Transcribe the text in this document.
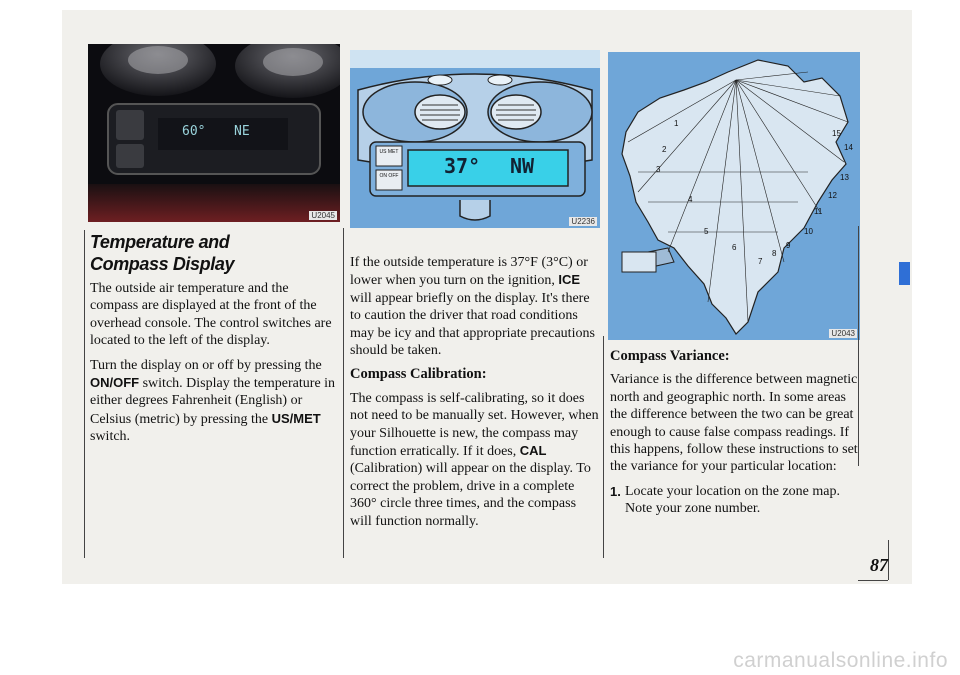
60° NE
U2045
US MET
ON OFF 37° NW
U2236
1
2
3
4
5
6
7
8
9
10
11
12
13
14
15
U2043
Temperature and Compass Display

The outside air temperature and the compass are displayed at the front of the overhead console. The control switches are located to the left of the display.

Turn the display on or off by pressing the ON/OFF switch. Display the temperature in either degrees Fahrenheit (English) or Celsius (metric) by pressing the US/MET switch.

If the outside temperature is 37°F (3°C) or lower when you turn on the ignition, ICE will appear briefly on the display. It's there to caution the driver that road conditions may be icy and that appropriate precautions should be taken.

Compass Calibration:

The compass is self-calibrating, so it does not need to be manually set. However, when your Silhouette is new, the compass may function erratically. If it does, CAL (Calibration) will appear on the display. To correct the problem, drive in a complete 360° circle three times, and the compass will function normally.

Compass Variance:

Variance is the difference between magnetic north and geographic north. In some areas the difference between the two can be great enough to cause false compass readings. If this happens, follow these instructions to set the variance for your particular location:

1. Locate your location on the zone map. Note your zone number.
87
carmanualsonline.info
